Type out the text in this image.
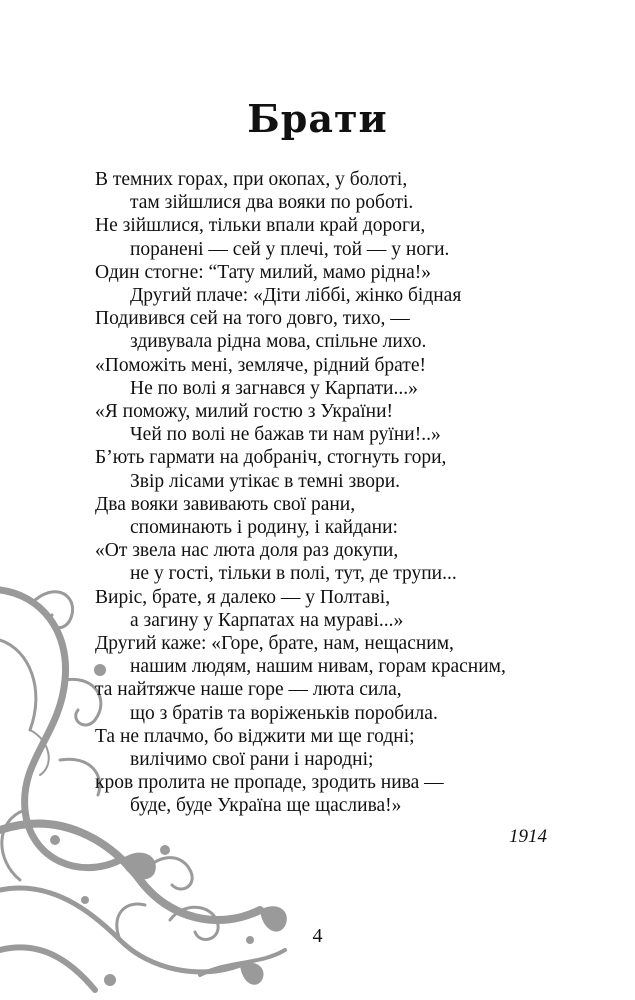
Брати
В темних горах, при окопах, у болоті,
там зійшлися два вояки по роботі.
Не зійшлися, тільки впали край дороги,
поранені — сей у плечі, той — у ноги.
Один стогне: “Тату милий, мамо рідна!»
Другий плаче: «Діти ліббі, жінко бідная
Подивився сей на того довго, тихо, —
здивувала рідна мова, спільне лихо.
«Поможіть мені, земляче, рідний брате!
Не по волі я загнався у Карпати...»
«Я поможу, милий гостю з України!
Чей по волі не бажав ти нам руїни!..»
Б’ють гармати на добраніч, стогнуть гори,
Звір лісами утікає в темні звори.
Два вояки завивають свої рани,
споминають і родину, і кайдани:
«От звела нас люта доля раз докупи,
не у гості, тільки в полі, тут, де трупи...
Виріс, брате, я далеко — у Полтаві,
а загину у Карпатах на мураві...»
Другий каже: «Горе, брате, нам, нещасним,
нашим людям, нашим нивам, горам красним,
та найтяжче наше горе — люта сила,
що з братів та воріженьків поробила.
Та не плачмо, бо віджити ми ще годні;
вилічимо свої рани і народні;
кров пролита не пропаде, зродить нива —
буде, буде Україна ще щаслива!»
1914
4
